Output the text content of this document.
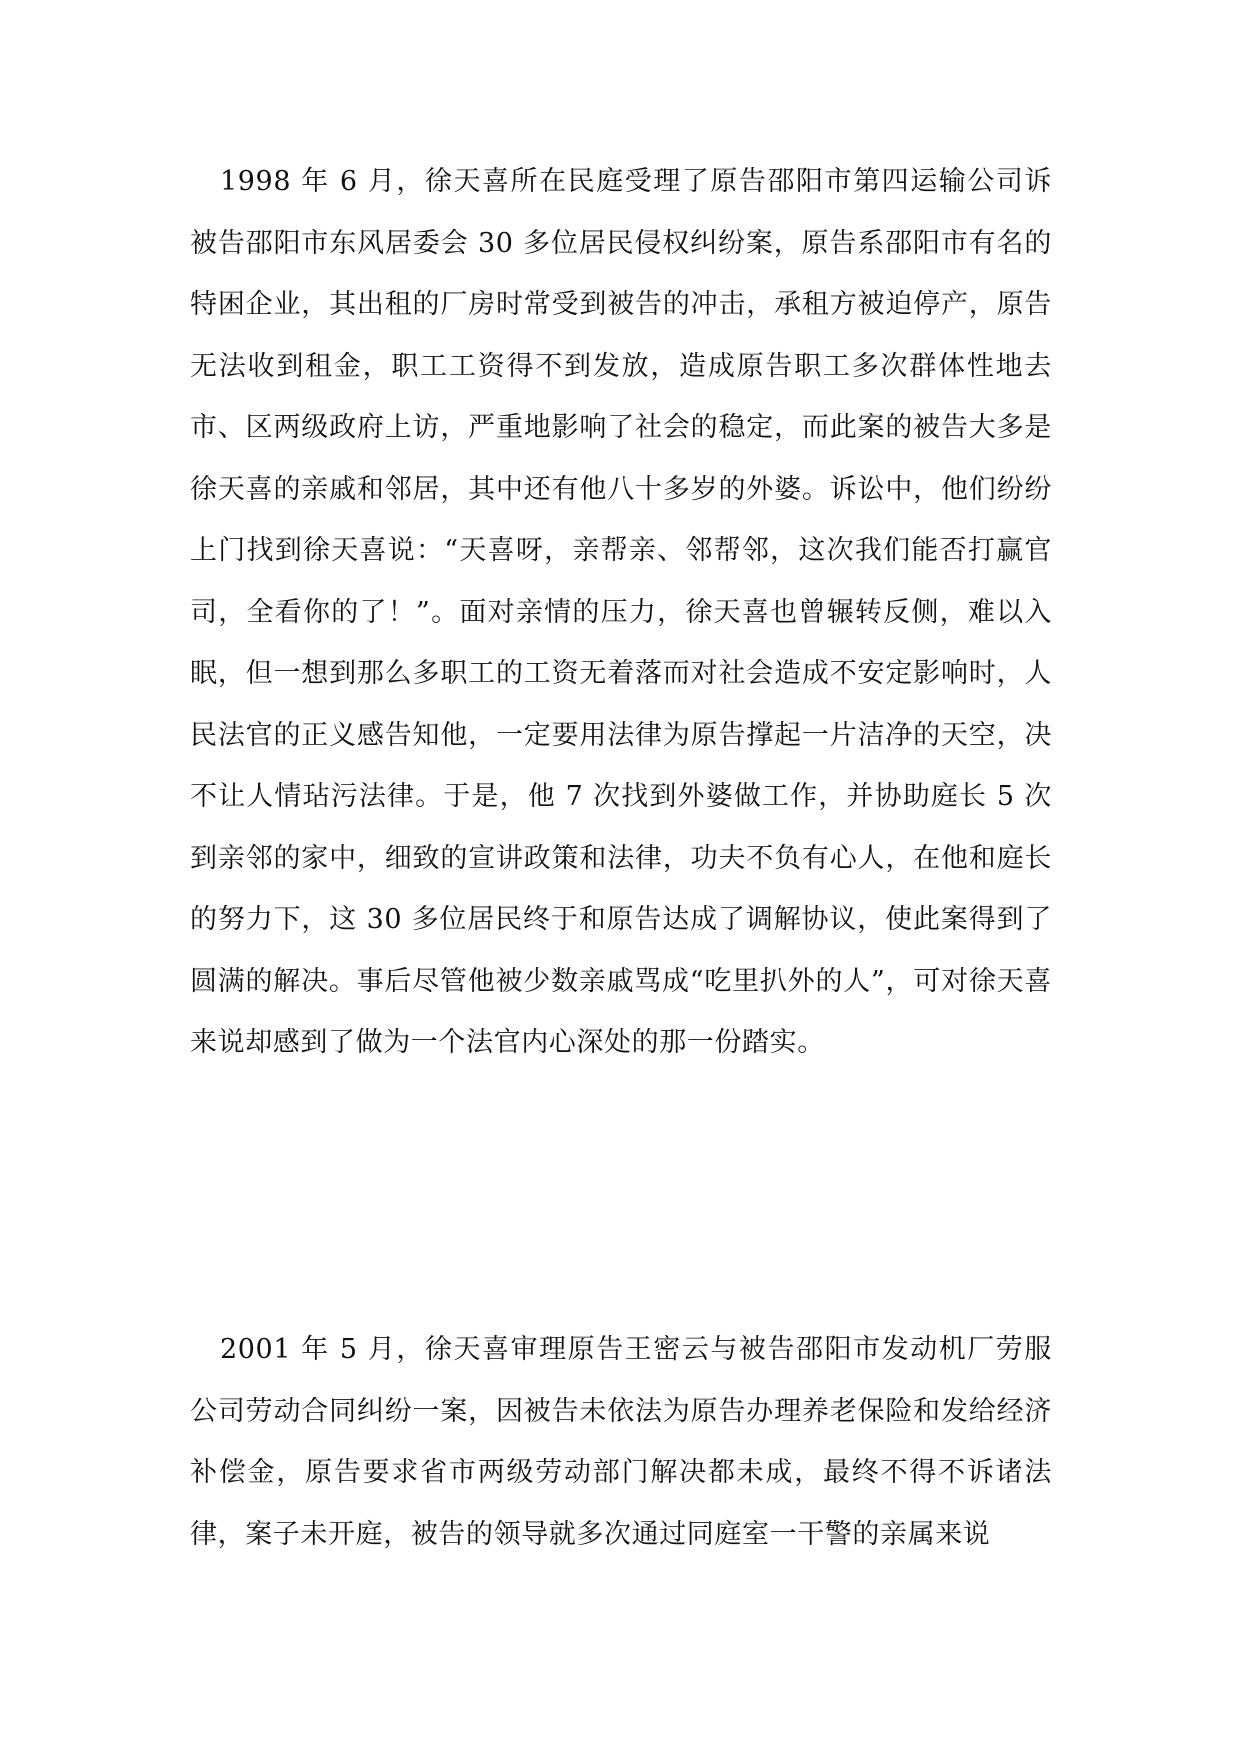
1998 年 6 月，徐天喜所在民庭受理了原告邵阳市第四运输公司诉被告邵阳市东风居委会 30 多位居民侵权纠纷案，原告系邵阳市有名的特困企业，其出租的厂房时常受到被告的冲击，承租方被迫停产，原告无法收到租金，职工工资得不到发放，造成原告职工多次群体性地去市、区两级政府上访，严重地影响了社会的稳定，而此案的被告大多是徐天喜的亲戚和邻居，其中还有他八十多岁的外婆。诉讼中，他们纷纷上门找到徐天喜说：“天喜呀，亲帮亲、邻帮邻，这次我们能否打赢官司，全看你的了！”。面对亲情的压力，徐天喜也曾辗转反侧，难以入眠，但一想到那么多职工的工资无着落而对社会造成不安定影响时，人民法官的正义感告知他，一定要用法律为原告撑起一片洁净的天空，决不让人情玷污法律。于是，他 7 次找到外婆做工作，并协助庭长 5 次到亲邻的家中，细致的宣讲政策和法律，功夫不负有心人，在他和庭长的努力下，这 30 多位居民终于和原告达成了调解协议，使此案得到了圆满的解决。事后尽管他被少数亲戚骂成“吃里扒外的人”，可对徐天喜来说却感到了做为一个法官内心深处的那一份踏实。

2001 年 5 月，徐天喜审理原告王密云与被告邵阳市发动机厂劳服公司劳动合同纠纷一案，因被告未依法为原告办理养老保险和发给经济补偿金，原告要求省市两级劳动部门解决都未成，最终不得不诉诸法律，案子未开庭，被告的领导就多次通过同庭室一干警的亲属来说
